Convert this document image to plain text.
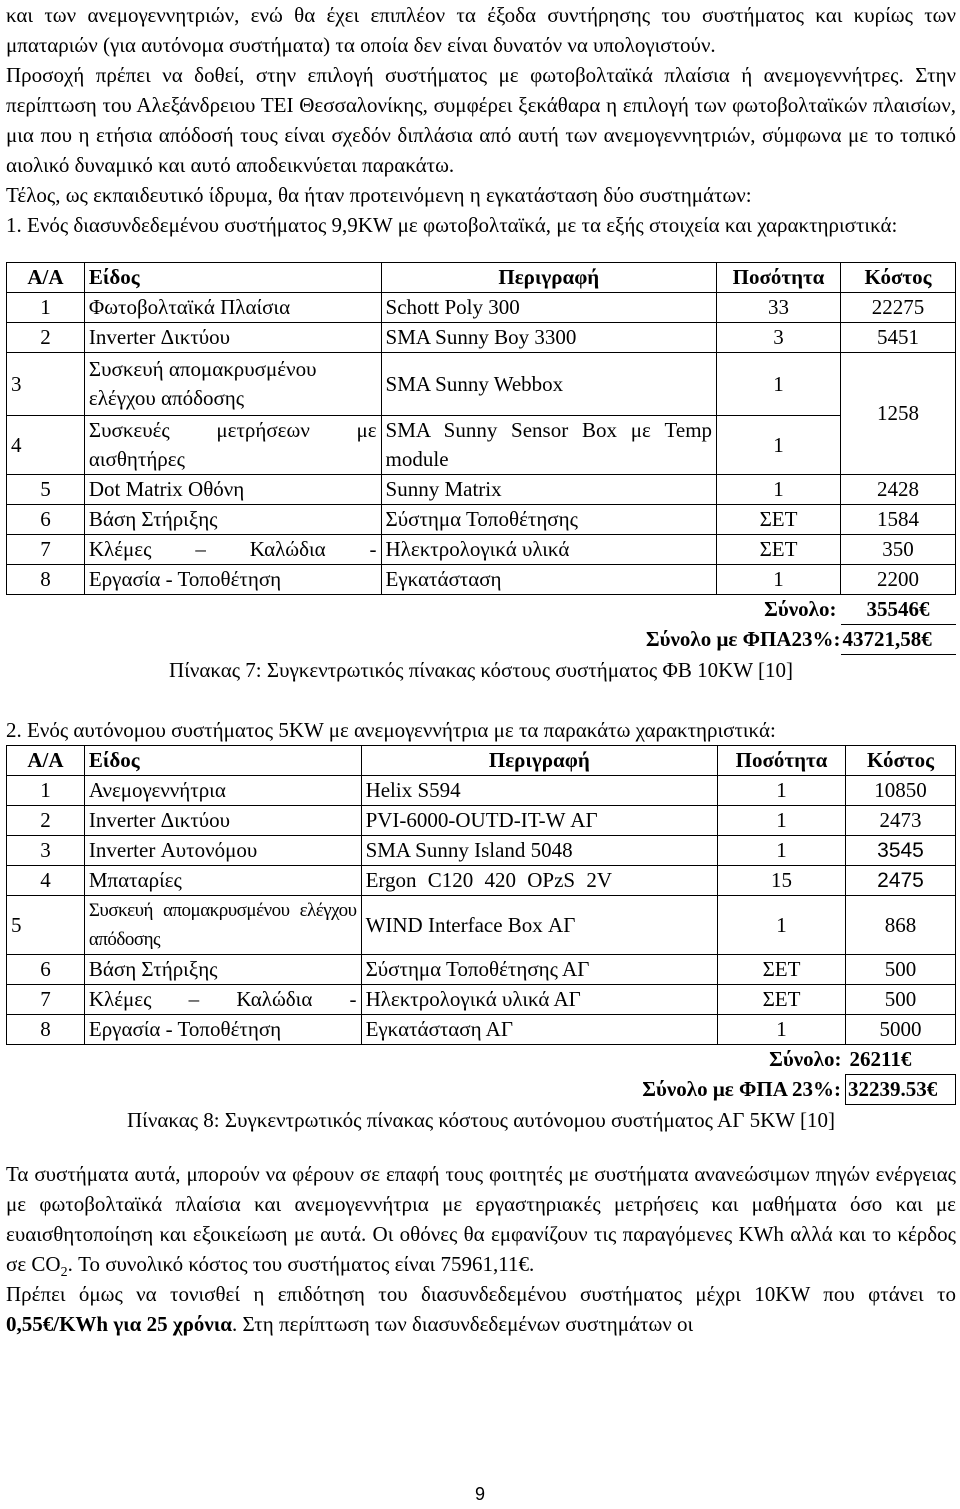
και των ανεμογεννητριών, ενώ θα έχει επιπλέον τα έξοδα συντήρησης του συστήματος και κυρίως των μπαταριών (για αυτόνομα συστήματα) τα οποία δεν είναι δυνατόν να υπολογιστούν.

Προσοχή πρέπει να δοθεί, στην επιλογή συστήματος με φωτοβολταϊκά πλαίσια ή ανεμογεννήτρες. Στην περίπτωση του Αλεξάνδρειου ΤΕΙ Θεσσαλονίκης, συμφέρει ξεκάθαρα η επιλογή των φωτοβολταϊκών πλαισίων, μια που η ετήσια απόδοσή τους είναι σχεδόν διπλάσια από αυτή των ανεμογεννητριών, σύμφωνα με το τοπικό αιολικό δυναμικό και αυτό αποδεικνύεται παρακάτω.

Τέλος, ως εκπαιδευτικό ίδρυμα, θα ήταν προτεινόμενη η εγκατάσταση δύο συστημάτων:

1. Ενός διασυνδεδεμένου συστήματος 9,9KW με φωτοβολταϊκά, με τα εξής στοιχεία και χαρακτηριστικά:

Α/Α	Είδος	Περιγραφή	Ποσότητα	Κόστος
1	Φωτοβολταϊκά Πλαίσια	Schott Poly 300	33	22275
2	Inverter Δικτύου	SMA Sunny Boy 3300	3	5451
3	Συσκευή απομακρυσμένου ελέγχου απόδοσης	SMA Sunny Webbox	1	1258
4	Συσκευές μετρήσεων με αισθητήρες	SMA Sunny Sensor Box με Temp module	1	
5	Dot Matrix Οθόνη	Sunny Matrix	1	2428
6	Βάση Στήριξης	Σύστημα Τοποθέτησης	ΣΕΤ	1584
7	Κλέμες – Καλώδια -	Ηλεκτρολογικά υλικά	ΣΕΤ	350
8	Εργασία - Τοποθέτηση	Εγκατάσταση	1	2200
			Σύνολο:	35546€
		Σύνολο με ΦΠΑ23%:		43721,58€

Πίνακας 7: Συγκεντρωτικός πίνακας κόστους συστήματος ΦΒ 10KW [10]

2. Ενός αυτόνομου συστήματος 5KW με ανεμογεννήτρια με τα παρακάτω χαρακτηριστικά:

Α/Α	Είδος	Περιγραφή	Ποσότητα	Κόστος
1	Ανεμογεννήτρια	Helix S594	1	10850
2	Inverter Δικτύου	PVI-6000-OUTD-IT-W ΑΓ	1	2473
3	Inverter Αυτονόμου	SMA Sunny Island 5048	1	3545
4	Μπαταρίες	Ergon C120 420 OPzS 2V	15	2475
5	Συσκευή απομακρυσμένου ελέγχου απόδοσης	WIND Interface Box ΑΓ	1	868
6	Βάση Στήριξης	Σύστημα Τοποθέτησης ΑΓ	ΣΕΤ	500
7	Κλέμες – Καλώδια -	Ηλεκτρολογικά υλικά ΑΓ	ΣΕΤ	500
8	Εργασία - Τοποθέτηση	Εγκατάσταση ΑΓ	1	5000
			Σύνολο:	26211€
		Σύνολο με ΦΠΑ 23%:		32239.53€

Πίνακας 8: Συγκεντρωτικός πίνακας κόστους αυτόνομου συστήματος ΑΓ 5KW [10]

Τα συστήματα αυτά, μπορούν να φέρουν σε επαφή τους φοιτητές με συστήματα ανανεώσιμων πηγών ενέργειας με φωτοβολταϊκά πλαίσια και ανεμογεννήτρια με εργαστηριακές μετρήσεις και μαθήματα όσο και με ευαισθητοποίηση και εξοικείωση με αυτά. Οι οθόνες θα εμφανίζουν τις παραγόμενες KWh αλλά και το κέρδος σε $CO_2$. Το συνολικό κόστος του συστήματος είναι 75961,11€.

Πρέπει όμως να τονισθεί η επιδότηση του διασυνδεδεμένου συστήματος μέχρι 10KW που φτάνει το 0,55€/KWh για 25 χρόνια. Στη περίπτωση των διασυνδεδεμένων συστημάτων οι

9
